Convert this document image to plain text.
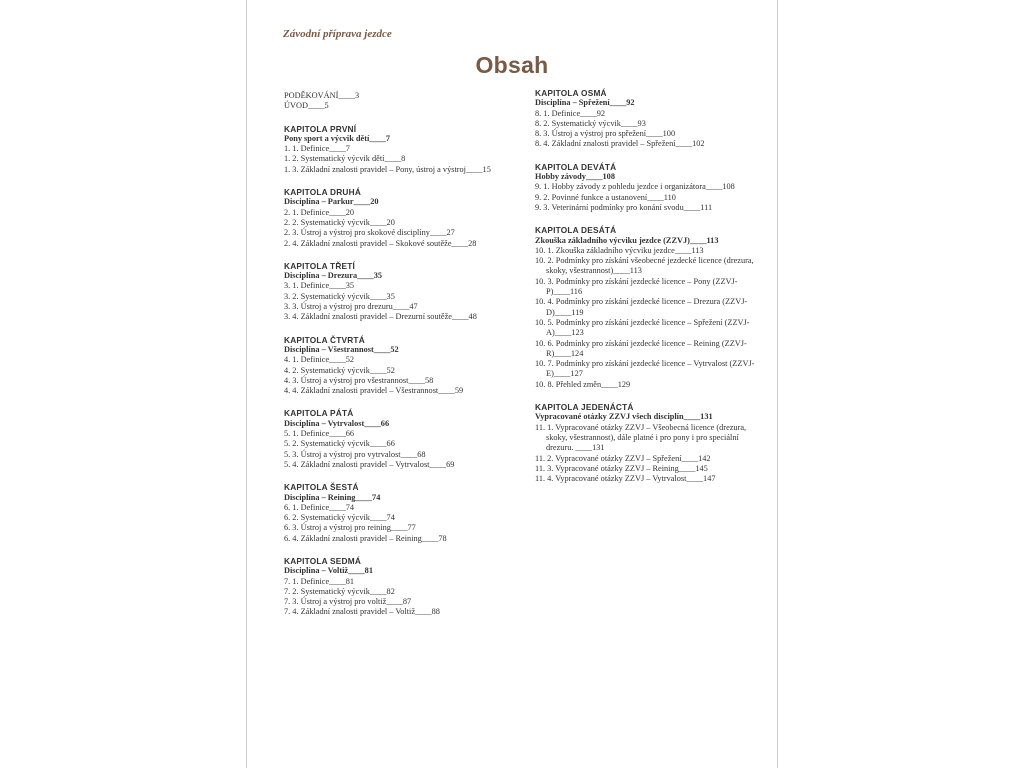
Závodní příprava jezdce

Obsah

PODĚKOVÁNÍ____3

ÚVOD____5

KAPITOLA PRVNÍ

Pony sport a výcvik dětí____7

1. 1. Definice____7

1. 2. Systematický výcvik dětí____8

1. 3. Základní znalosti pravidel – Pony, ústroj a výstroj____15

KAPITOLA DRUHÁ

Disciplína – Parkur____20

2. 1. Definice____20

2. 2. Systematický výcvik____20

2. 3. Ústroj a výstroj pro skokové disciplíny____27

2. 4. Základní znalosti pravidel – Skokové soutěže____28

KAPITOLA TŘETÍ

Disciplína – Drezura____35

3. 1. Definice____35

3. 2. Systematický výcvik____35

3. 3. Ústroj a výstroj pro drezuru____47

3. 4. Základní znalosti pravidel – Drezurní soutěže____48

KAPITOLA ČTVRTÁ

Disciplína – Všestrannost____52

4. 1. Definice____52

4. 2. Systematický výcvik____52

4. 3. Ústroj a výstroj pro všestrannost____58

4. 4. Základní znalosti pravidel – Všestrannost____59

KAPITOLA PÁTÁ

Disciplína – Vytrvalost____66

5. 1. Definice____66

5. 2. Systematický výcvik____66

5. 3. Ústroj a výstroj pro vytrvalost____68

5. 4. Základní znalosti pravidel – Vytrvalost____69

KAPITOLA ŠESTÁ

Disciplína – Reining____74

6. 1. Definice____74

6. 2. Systematický výcvik____74

6. 3. Ústroj a výstroj pro reining____77

6. 4. Základní znalosti pravidel – Reining____78

KAPITOLA SEDMÁ

Disciplína – Voltiž____81

7. 1. Definice____81

7. 2. Systematický výcvik____82

7. 3. Ústroj a výstroj pro voltiž____87

7. 4. Základní znalosti pravidel – Voltiž____88

KAPITOLA OSMÁ

Disciplína – Spřežení____92

8. 1. Definice____92

8. 2. Systematický výcvik____93

8. 3. Ústroj a výstroj pro spřežení____100

8. 4. Základní znalosti pravidel – Spřežení____102

KAPITOLA DEVÁTÁ

Hobby závody____108

9. 1. Hobby závody z pohledu jezdce i organizátora____108

9. 2. Povinné funkce a ustanovení____110

9. 3. Veterinární podmínky pro konání svodu____111

KAPITOLA DESÁTÁ

Zkouška základního výcviku jezdce (ZZVJ)____113

10. 1. Zkouška základního výcviku jezdce____113

10. 2. Podmínky pro získání všeobecné jezdecké licence (drezura, skoky, všestrannost)____113

10. 3. Podmínky pro získání jezdecké licence – Pony (ZZVJ-P)____116

10. 4. Podmínky pro získání jezdecké licence – Drezura (ZZVJ-D)____119

10. 5. Podmínky pro získání jezdecké licence – Spřežení (ZZVJ-A)____123

10. 6. Podmínky pro získání jezdecké licence – Reining (ZZVJ-R)____124

10. 7. Podmínky pro získání jezdecké licence – Vytrvalost (ZZVJ-E)____127

10. 8. Přehled změn____129

KAPITOLA JEDENÁCTÁ

Vypracované otázky ZZVJ všech disciplín____131

11. 1. Vypracované otázky ZZVJ – Všeobecná licence (drezura, skoky, všestrannost), dále platné i pro pony i pro speciální drezuru. ____131

11. 2. Vypracované otázky ZZVJ – Spřežení____142

11. 3. Vypracované otázky ZZVJ – Reining____145

11. 4. Vypracované otázky ZZVJ – Vytrvalost____147
